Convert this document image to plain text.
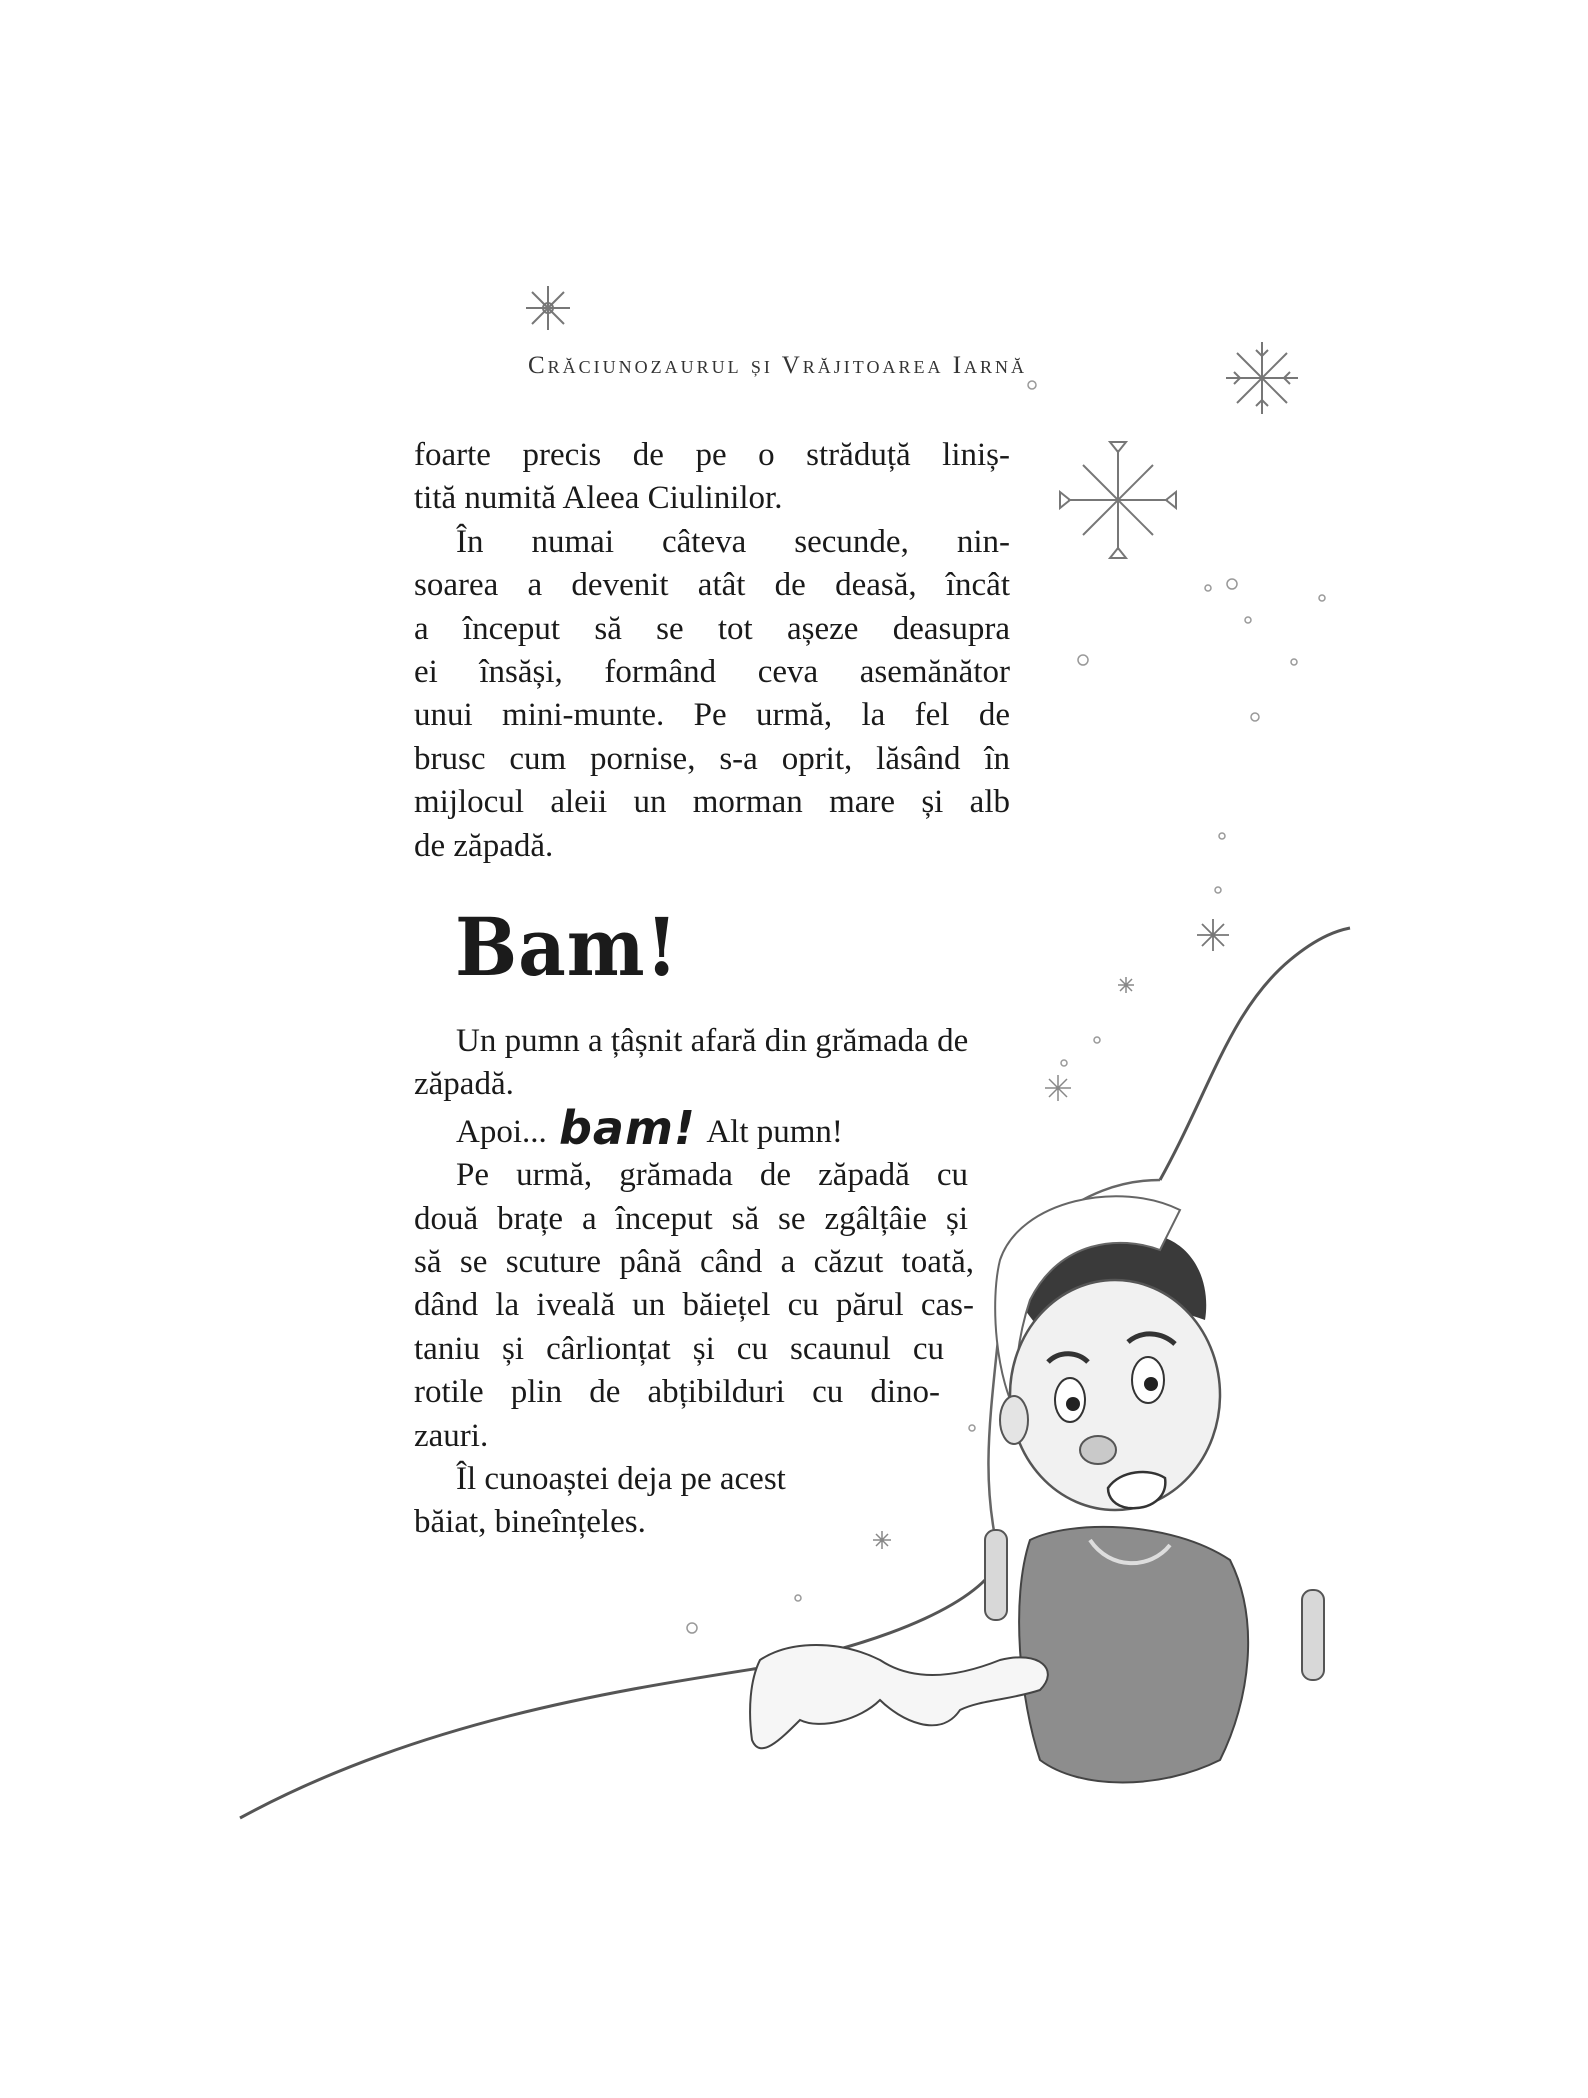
Crăciunozaurul și Vrăjitoarea Iarnă
foarte precis de pe o străduță liniș-
tită numită Aleea Ciulinilor.
În numai câteva secunde, nin-
soarea a devenit atât de deasă, încât
a început să se tot așeze deasupra
ei însăși, formând ceva asemănător
unui mini-munte. Pe urmă, la fel de
brusc cum pornise, s-a oprit, lăsând în
mijlocul aleii un morman mare și alb
de zăpadă.
Bam!
Un pumn a țâșnit afară din grămada de
zăpadă.
Apoi... bam! Alt pumn!
Pe urmă, grămada de zăpadă cu
două brațe a început să se zgâlțâie și
să se scuture până când a căzut toată,
dând la iveală un băiețel cu părul cas-
taniu și cârlionțat și cu scaunul cu
rotile plin de abțibilduri cu dino-
zauri.
Îl cunoaștei deja pe acest
băiat, bineînțeles.
